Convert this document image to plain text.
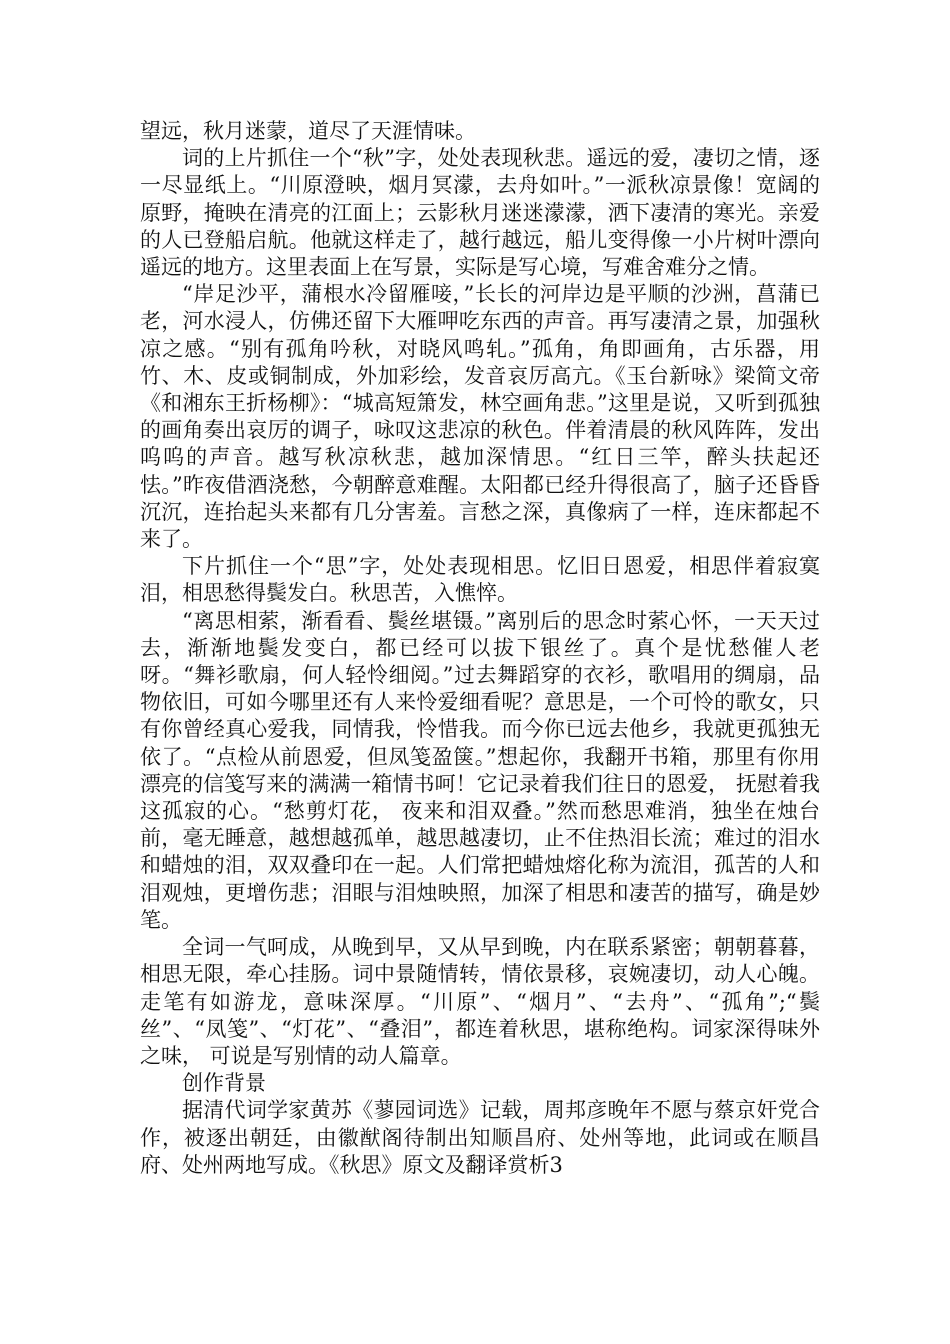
望远，秋月迷蒙，道尽了天涯情味。

词的上片抓住一个“秋”字，处处表现秋悲。遥远的爱，凄切之情，逐一尽显纸上。“川原澄映，烟月冥濛，去舟如叶。”一派秋凉景像！宽阔的原野，掩映在清亮的江面上；云影秋月迷迷濛濛，洒下凄清的寒光。亲爱的人已登船启航。他就这样走了，越行越远，船儿变得像一小片树叶漂向遥远的地方。这里表面上在写景，实际是写心境，写难舍难分之情。

“岸足沙平，蒲根水冷留雁唼，”长长的河岸边是平顺的沙洲，菖蒲已老，河水浸人，仿佛还留下大雁呷吃东西的声音。再写凄清之景，加强秋凉之感。“别有孤角吟秋，对晓风鸣轧。”孤角，角即画角，古乐器，用竹、木、皮或铜制成，外加彩绘，发音哀厉高亢。《玉台新咏》梁简文帝《和湘东王折杨柳》：“城高短箫发，林空画角悲。”这里是说，又听到孤独的画角奏出哀厉的调子，咏叹这悲凉的秋色。伴着清晨的秋风阵阵，发出呜呜的声音。越写秋凉秋悲，越加深情思。“红日三竿，醉头扶起还怯。”昨夜借酒浇愁，今朝醉意难醒。太阳都已经升得很高了，脑子还昏昏沉沉，连抬起头来都有几分害羞。言愁之深，真像病了一样，连床都起不来了。

下片抓住一个“思”字，处处表现相思。忆旧日恩爱，相思伴着寂寞泪，相思愁得鬓发白。秋思苦，入憔悴。

“离思相萦，渐看看、鬓丝堪镊。”离别后的思念时萦心怀，一天天过去，渐渐地鬓发变白，都已经可以拔下银丝了。真个是忧愁催人老呀。“舞衫歌扇，何人轻怜细阅。”过去舞蹈穿的衣衫，歌唱用的绸扇，品物依旧，可如今哪里还有人来怜爱细看呢？意思是，一个可怜的歌女，只有你曾经真心爱我，同情我，怜惜我。而今你已远去他乡，我就更孤独无依了。“点检从前恩爱，但凤笺盈箧。”想起你，我翻开书箱，那里有你用漂亮的信笺写来的满满一箱情书呵！它记录着我们往日的恩爱， 抚慰着我这孤寂的心。“愁剪灯花， 夜来和泪双叠。”然而愁思难消，独坐在烛台前，毫无睡意，越想越孤单，越思越凄切，止不住热泪长流；难过的泪水和蜡烛的泪，双双叠印在一起。人们常把蜡烛熔化称为流泪，孤苦的人和泪观烛，更增伤悲；泪眼与泪烛映照，加深了相思和凄苦的描写，确是妙笔。

全词一气呵成，从晚到早，又从早到晚，内在联系紧密；朝朝暮暮，相思无限，牵心挂肠。词中景随情转，情依景移，哀婉凄切，动人心魄。走笔有如游龙，意味深厚。“川原”、“烟月”、“去舟”、“孤角”;“鬓丝”、“凤笺”、“灯花”、“叠泪”，都连着秋思，堪称绝构。词家深得味外之味， 可说是写别情的动人篇章。

创作背景

据清代词学家黄苏《蓼园词选》记载，周邦彦晚年不愿与蔡京奸党合作，被逐出朝廷，由徽猷阁待制出知顺昌府、处州等地，此词或在顺昌府、处州两地写成。《秋思》原文及翻译赏析3
